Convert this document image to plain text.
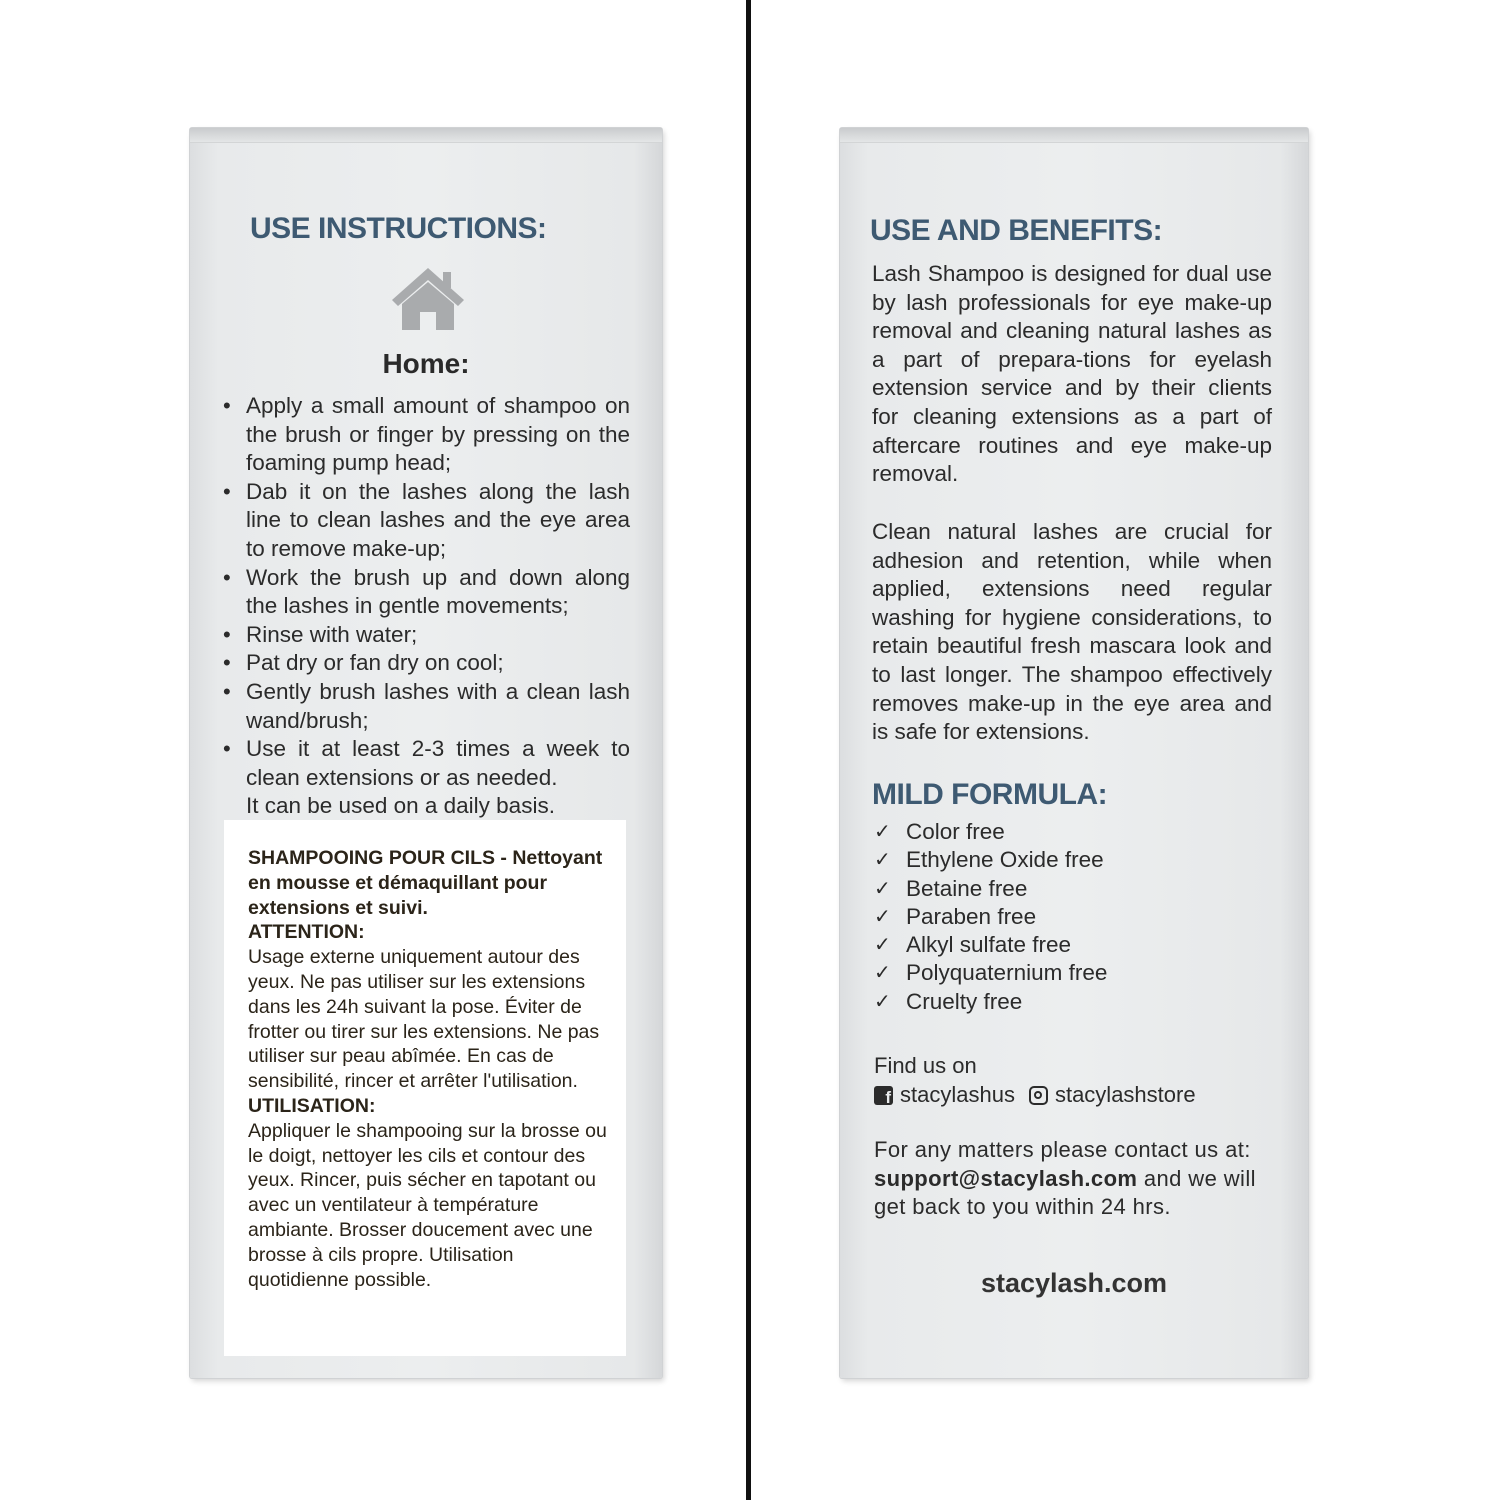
USE INSTRUCTIONS:
Home:
• Apply a small amount of shampoo on the brush or finger by pressing on the foaming pump head;
• Dab it on the lashes along the lash line to clean lashes and the eye area to remove make-up;
• Work the brush up and down along the lashes in gentle movements;
• Rinse with water;
• Pat dry or fan dry on cool;
• Gently brush lashes with a clean lash wand/brush;
• Use it at least 2-3 times a week to clean extensions or as needed.
It can be used on a daily basis.

SHAMPOOING POUR CILS - Nettoyant en mousse et démaquillant pour extensions et suivi.

ATTENTION:

Usage externe uniquement autour des yeux. Ne pas utiliser sur les extensions dans les 24h suivant la pose. Éviter de frotter ou tirer sur les extensions. Ne pas utiliser sur peau abîmée. En cas de sensibilité, rincer et arrêter l'utilisation.

UTILISATION:

Appliquer le shampooing sur la brosse ou le doigt, nettoyer les cils et contour des yeux. Rincer, puis sécher en tapotant ou avec un ventilateur à température ambiante. Brosser doucement avec une brosse à cils propre. Utilisation quotidienne possible.

USE AND BENEFITS:
Lash Shampoo is designed for dual use by lash professionals for eye make-up removal and cleaning natural lashes as a part of prepara-tions for eyelash extension service and by their clients for cleaning extensions as a part of aftercare routines and eye make-up removal.
Clean natural lashes are crucial for adhesion and retention, while when applied, extensions need regular washing for hygiene considerations, to retain beautiful fresh mascara look and to last longer. The shampoo effectively removes make-up in the eye area and is safe for extensions.
MILD FORMULA:
✓ Color free
✓ Ethylene Oxide free
✓ Betaine free
✓ Paraben free
✓ Alkyl sulfate free
✓ Polyquaternium free
✓ Cruelty free
Find us on
f
stacylashus stacylashstore
For any matters please contact us at: support@stacylash.com and we will get back to you within 24 hrs.
stacylash.com
